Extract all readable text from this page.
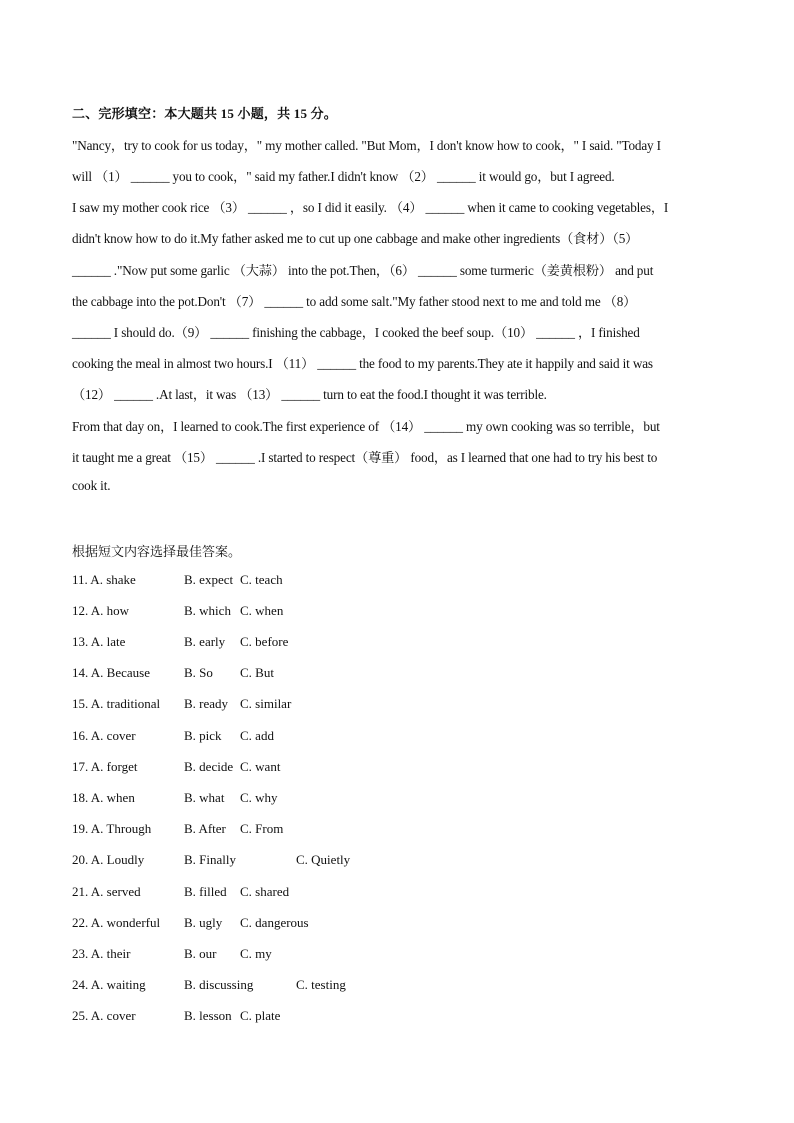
二、完形填空：本大题共 15 小题，共 15 分。
"Nancy，try to cook for us today，" my mother called. "But Mom，I don't know how to cook，" I said. "Today I
will （1） ______ you to cook，" said my father.I didn't know （2） ______ it would go，but I agreed.
I saw my mother cook rice （3） ______ ，so I did it easily. （4） ______ when it came to cooking vegetables，I
didn't know how to do it.My father asked me to cut up one cabbage and make other ingredients（食材）（5）
______ ."Now put some garlic （大蒜） into the pot.Then，（6） ______ some turmeric（姜黄根粉） and put
the cabbage into the pot.Don't （7） ______ to add some salt."My father stood next to me and told me （8）
______ I should do.（9） ______ finishing the cabbage，I cooked the beef soup.（10） ______ ，I finished
cooking the meal in almost two hours.I （11） ______ the food to my parents.They ate it happily and said it was
（12） ______ .At last，it was （13） ______ turn to eat the food.I thought it was terrible.
From that day on，I learned to cook.The first experience of （14） ______ my own cooking was so terrible，but
it taught me a great （15） ______ .I started to respect（尊重） food，as I learned that one had to try his best to
cook it.
根据短文内容选择最佳答案。
11. A. shake	B. expect C. teach
12. A. how	B. which C. when
13. A. late	B. early C. before
14. A. Because	B. So C. But
15. A. traditional B. ready C. similar
16. A. cover	B. pick C. add
17. A. forget	B. decide C. want
18. A. when	B. what C. why
19. A. Through	B. After C. From
20. A. Loudly	B. Finally	C. Quietly
21. A. served	B. filled C. shared
22. A. wonderful B. ugly C. dangerous
23. A. their	B. our C. my
24. A. waiting	B. discussing	C. testing
25. A. cover	B. lesson C. plate
